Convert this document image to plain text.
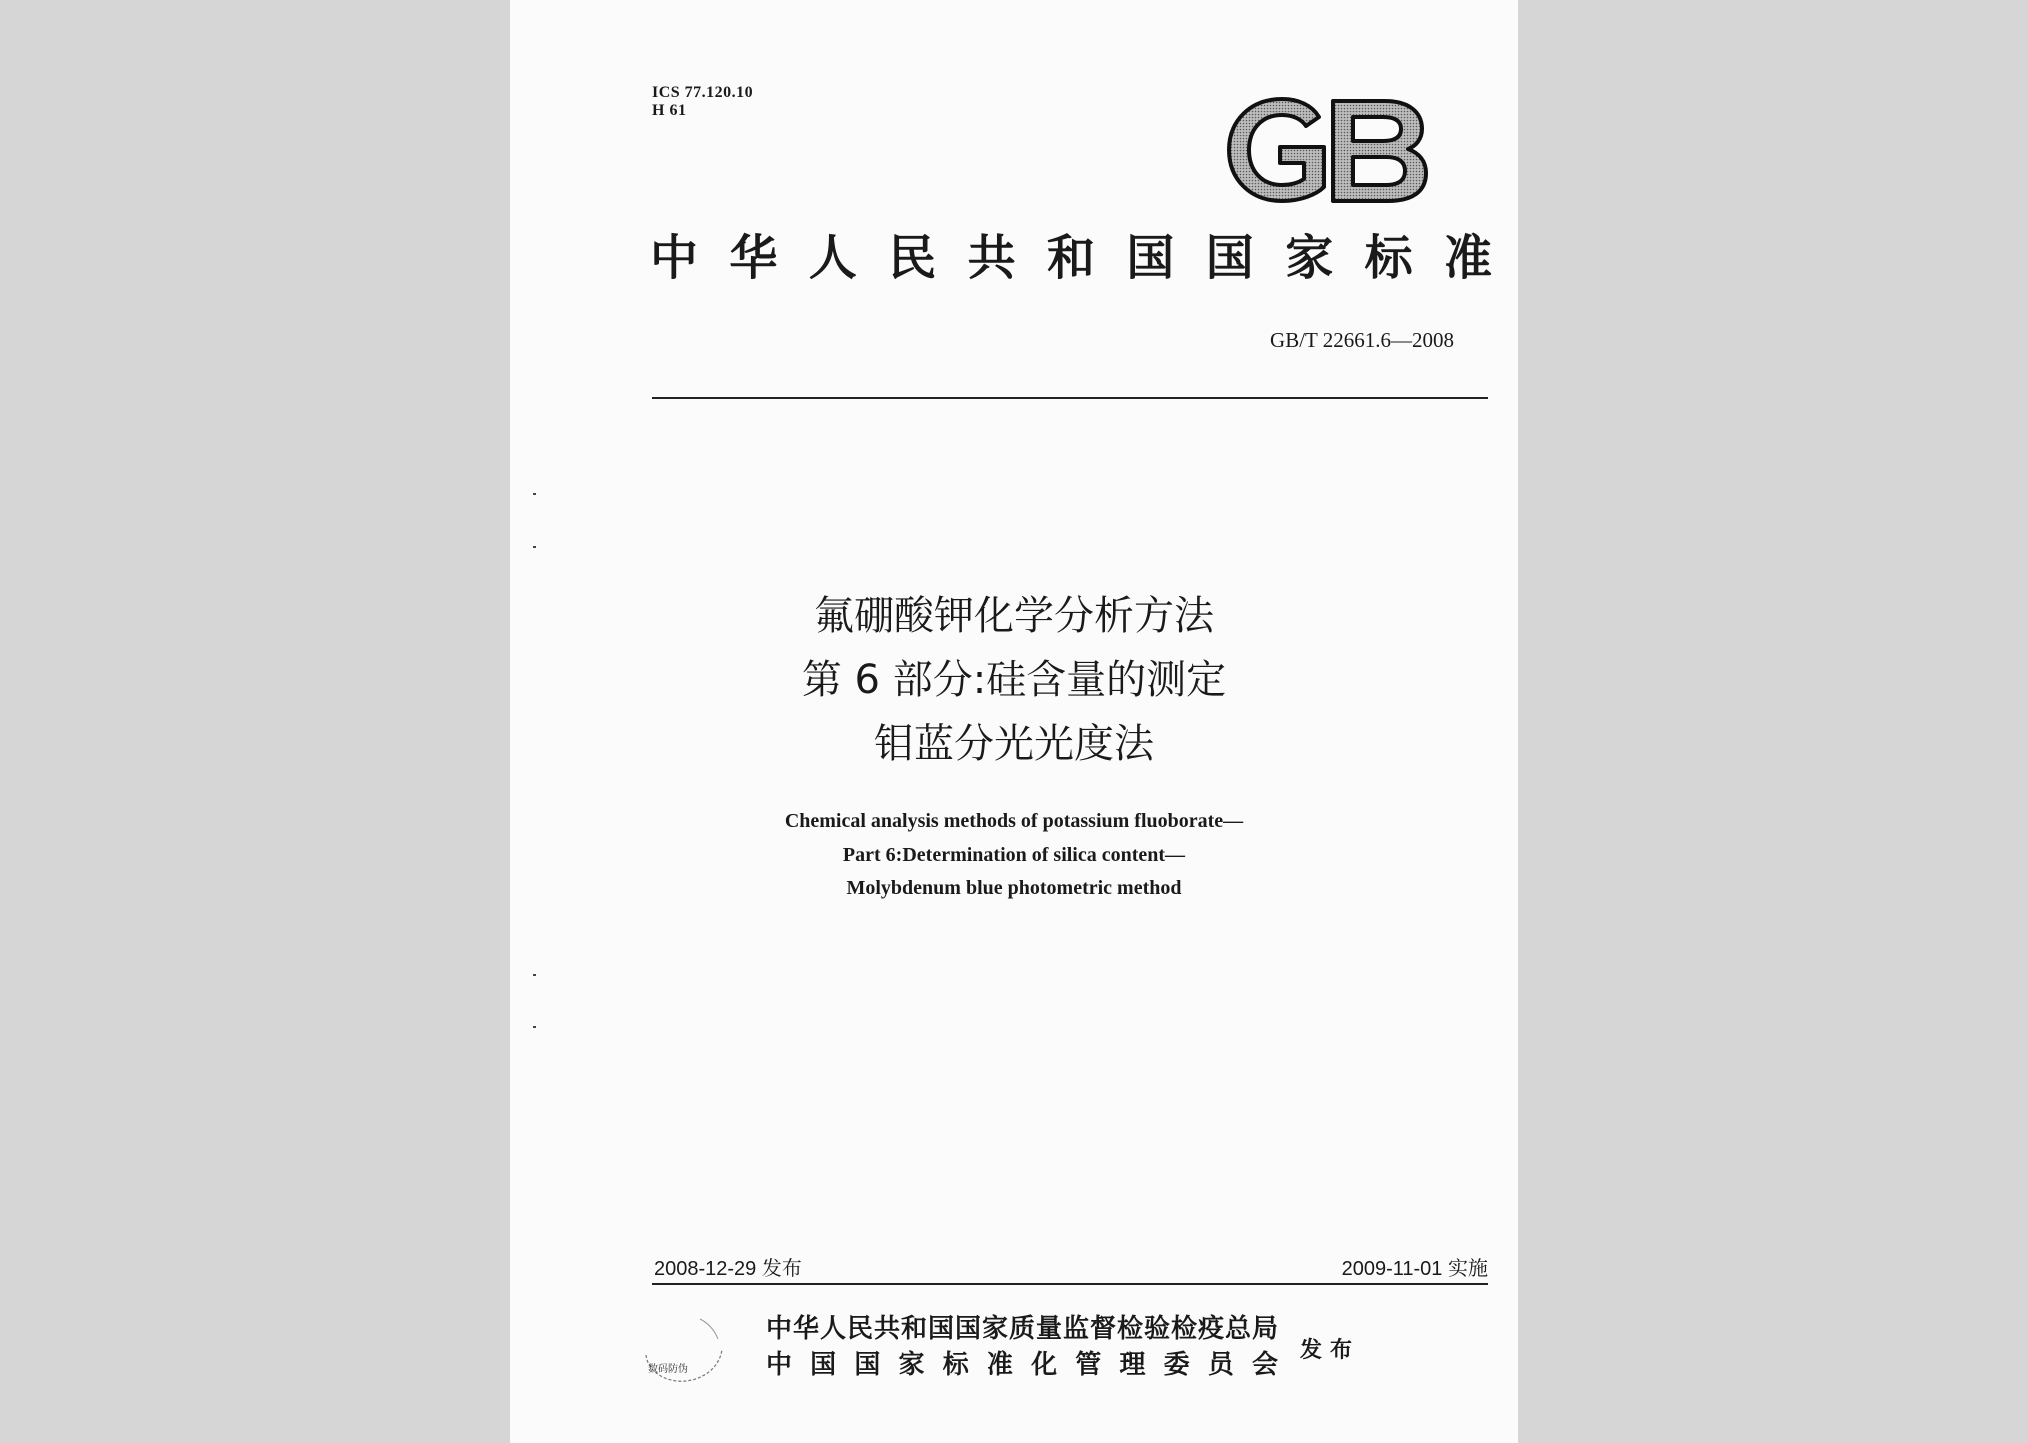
ICS 77.120.10
H 61
中华人民共和国国家标准
GB/T 22661.6—2008
氟硼酸钾化学分析方法
第 6 部分:硅含量的测定
钼蓝分光光度法
Chemical analysis methods of potassium fluoborate—
Part 6:Determination of silica content—
Molybdenum blue photometric method
2008-12-29 发布	2009-11-01 实施
中华人民共和国国家质量监督检验检疫总局
中国国家标准化管理委员会 发布
数码防伪
